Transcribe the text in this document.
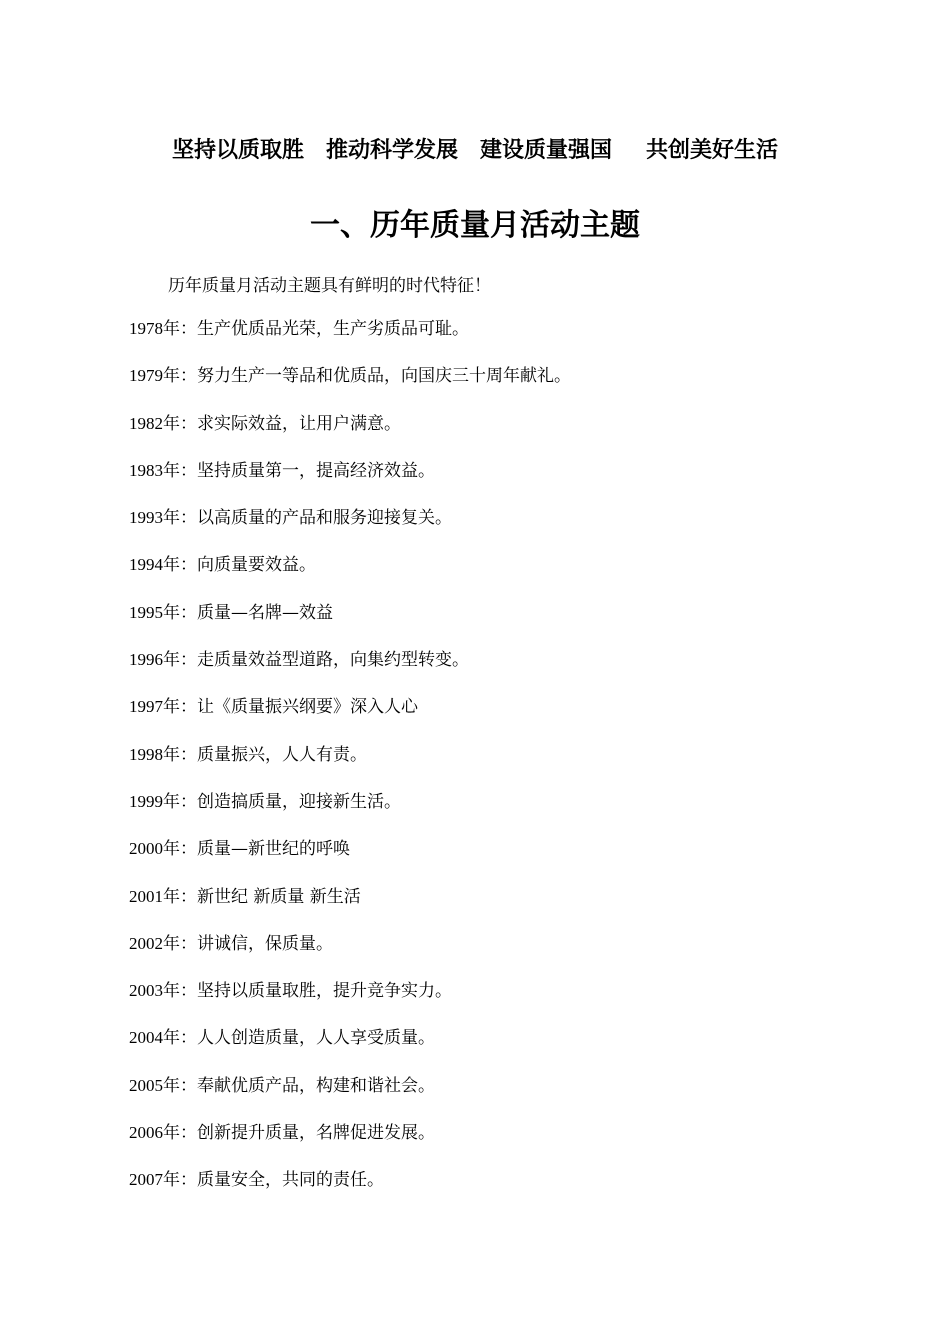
坚持以质取胜 推动科学发展 建设质量强国 共创美好生活
一、历年质量月活动主题
历年质量月活动主题具有鲜明的时代特征！
1978年：生产优质品光荣，生产劣质品可耻。
1979年：努力生产一等品和优质品，向国庆三十周年献礼。
1982年：求实际效益，让用户满意。
1983年：坚持质量第一，提高经济效益。
1993年：以高质量的产品和服务迎接复关。
1994年：向质量要效益。
1995年：质量—名牌—效益
1996年：走质量效益型道路，向集约型转变。
1997年：让《质量振兴纲要》深入人心
1998年：质量振兴，人人有责。
1999年：创造搞质量，迎接新生活。
2000年：质量—新世纪的呼唤
2001年：新世纪 新质量 新生活
2002年：讲诚信，保质量。
2003年：坚持以质量取胜，提升竞争实力。
2004年：人人创造质量，人人享受质量。
2005年：奉献优质产品，构建和谐社会。
2006年：创新提升质量，名牌促进发展。
2007年：质量安全，共同的责任。
